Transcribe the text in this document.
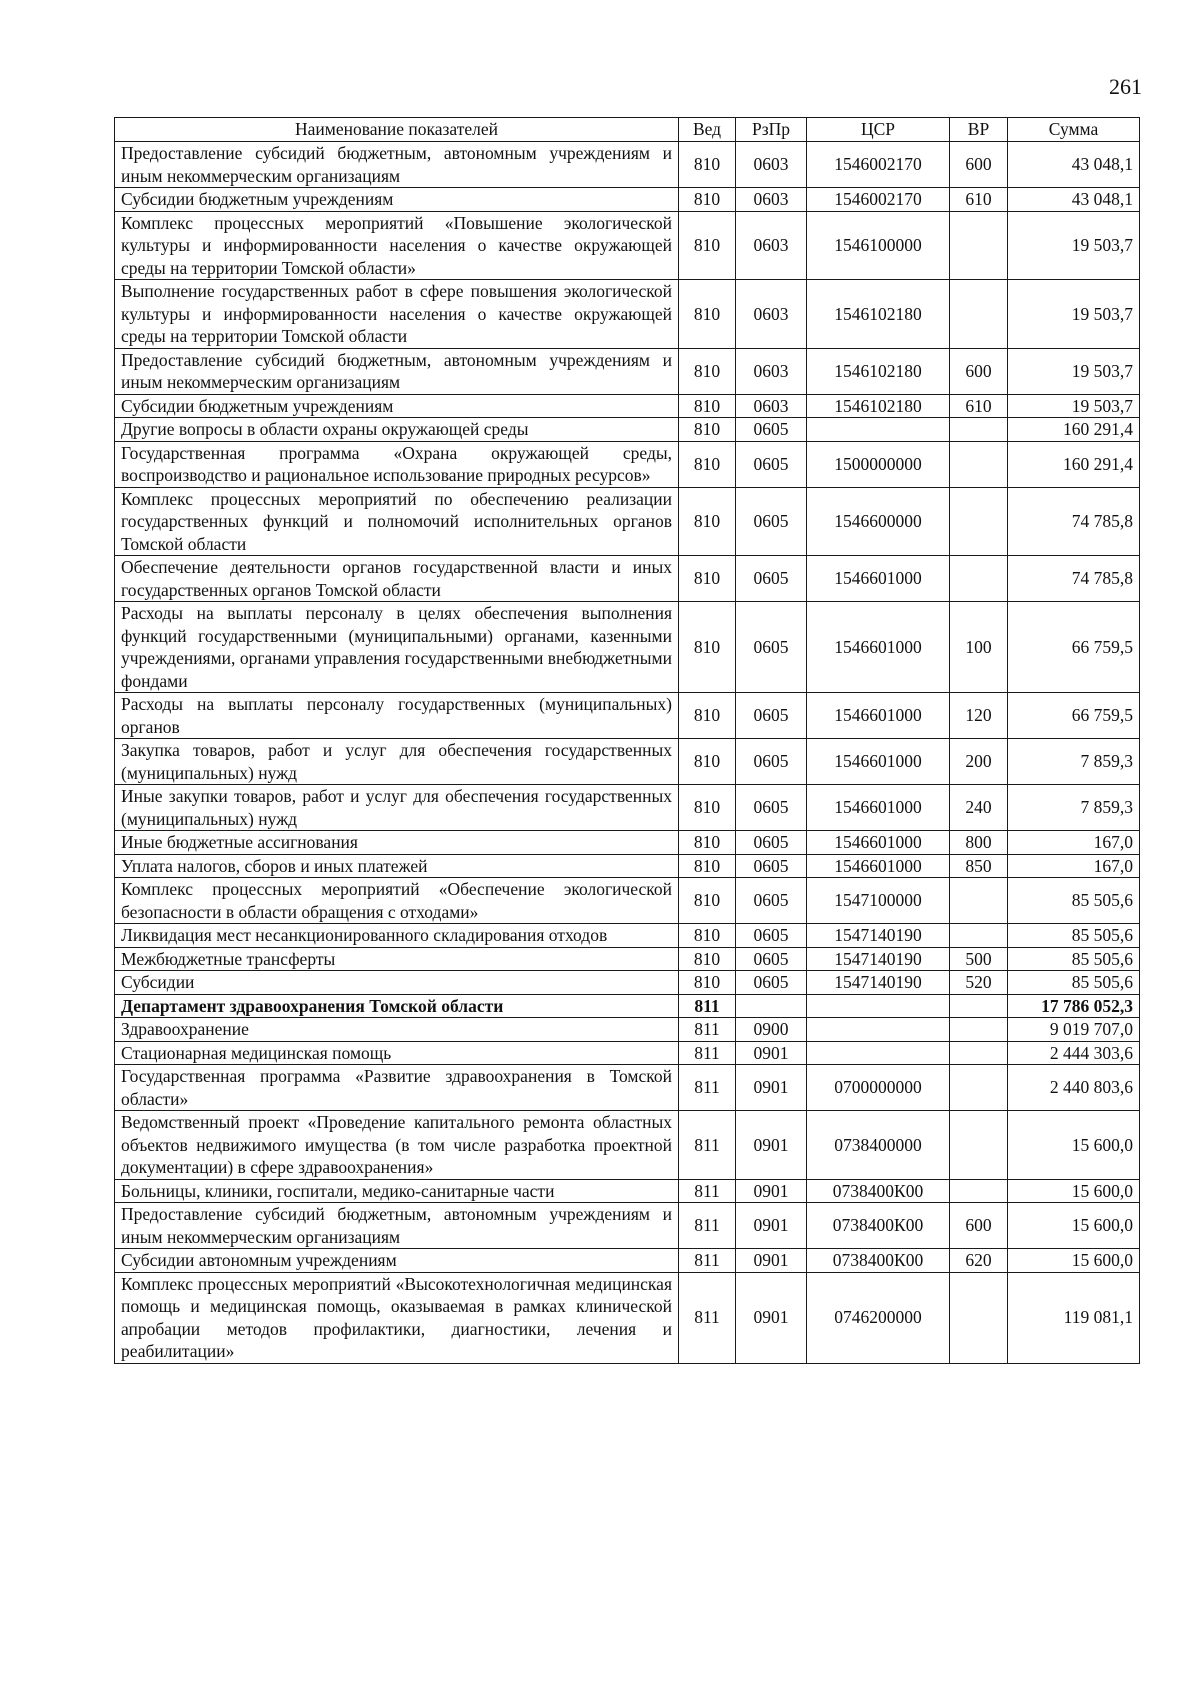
261
Наименование показателей	Вед	РзПр	ЦСР	ВР	Сумма
Предоставление субсидий бюджетным, автономным учреждениям и иным некоммерческим организациям	810	0603	1546002170	600	43 048,1
Субсидии бюджетным учреждениям	810	0603	1546002170	610	43 048,1
Комплекс процессных мероприятий «Повышение экологической культуры и информированности населения о качестве окружающей среды на территории Томской области»	810	0603	1546100000		19 503,7
Выполнение государственных работ в сфере повышения экологической культуры и информированности населения о качестве окружающей среды на территории Томской области	810	0603	1546102180		19 503,7
Предоставление субсидий бюджетным, автономным учреждениям и иным некоммерческим организациям	810	0603	1546102180	600	19 503,7
Субсидии бюджетным учреждениям	810	0603	1546102180	610	19 503,7
Другие вопросы в области охраны окружающей среды	810	0605			160 291,4
Государственная программа «Охрана окружающей среды, воспроизводство и рациональное использование природных ресурсов»	810	0605	1500000000		160 291,4
Комплекс процессных мероприятий по обеспечению реализации государственных функций и полномочий исполнительных органов Томской области	810	0605	1546600000		74 785,8
Обеспечение деятельности органов государственной власти и иных государственных органов Томской области	810	0605	1546601000		74 785,8
Расходы на выплаты персоналу в целях обеспечения выполнения функций государственными (муниципальными) органами, казенными учреждениями, органами управления государственными внебюджетными фондами	810	0605	1546601000	100	66 759,5
Расходы на выплаты персоналу государственных (муниципальных) органов	810	0605	1546601000	120	66 759,5
Закупка товаров, работ и услуг для обеспечения государственных (муниципальных) нужд	810	0605	1546601000	200	7 859,3
Иные закупки товаров, работ и услуг для обеспечения государственных (муниципальных) нужд	810	0605	1546601000	240	7 859,3
Иные бюджетные ассигнования	810	0605	1546601000	800	167,0
Уплата налогов, сборов и иных платежей	810	0605	1546601000	850	167,0
Комплекс процессных мероприятий «Обеспечение экологической безопасности в области обращения с отходами»	810	0605	1547100000		85 505,6
Ликвидация мест несанкционированного складирования отходов	810	0605	1547140190		85 505,6
Межбюджетные трансферты	810	0605	1547140190	500	85 505,6
Субсидии	810	0605	1547140190	520	85 505,6
Департамент здравоохранения Томской области	811				17 786 052,3
Здравоохранение	811	0900			9 019 707,0
Стационарная медицинская помощь	811	0901			2 444 303,6
Государственная программа «Развитие здравоохранения в Томской области»	811	0901	0700000000		2 440 803,6
Ведомственный проект «Проведение капитального ремонта областных объектов недвижимого имущества (в том числе разработка проектной документации) в сфере здравоохранения»	811	0901	0738400000		15 600,0
Больницы, клиники, госпитали, медико-санитарные части	811	0901	0738400К00		15 600,0
Предоставление субсидий бюджетным, автономным учреждениям и иным некоммерческим организациям	811	0901	0738400К00	600	15 600,0
Субсидии автономным учреждениям	811	0901	0738400К00	620	15 600,0
Комплекс процессных мероприятий «Высокотехнологичная медицинская помощь и медицинская помощь, оказываемая в рамках клинической апробации методов профилактики, диагностики, лечения и реабилитации»	811	0901	0746200000		119 081,1
